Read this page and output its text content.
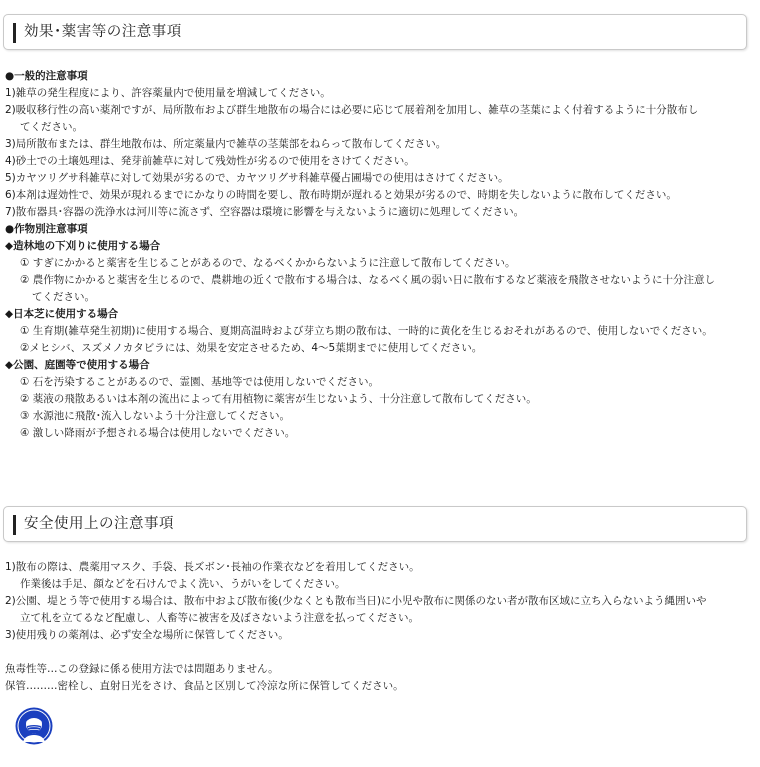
効果･薬害等の注意事項
●一般的注意事項
1)雑草の発生程度により、許容薬量内で使用量を増減してください。
2)吸収移行性の高い薬剤ですが、局所散布および群生地散布の場合には必要に応じて展着剤を加用し、雑草の茎葉によく付着するように十分散布し
てください。
3)局所散布または、群生地散布は、所定薬量内で雑草の茎葉部をねらって散布してください。
4)砂土での土壌処理は、発芽前雑草に対して残効性が劣るので使用をさけてください。
5)カヤツリグサ科雑草に対して効果が劣るので、カヤツリグサ科雑草優占圃場での使用はさけてください。
6)本剤は遅効性で、効果が現れるまでにかなりの時間を要し、散布時期が遅れると効果が劣るので、時期を失しないように散布してください。
7)散布器具･容器の洗浄水は河川等に流さず、空容器は環境に影響を与えないように適切に処理してください。
●作物別注意事項
◆造林地の下刈りに使用する場合
① すぎにかかると薬害を生じることがあるので、なるべくかからないように注意して散布してください。
② 農作物にかかると薬害を生じるので、農耕地の近くで散布する場合は、なるべく風の弱い日に散布するなど薬液を飛散させないように十分注意し
てください。
◆日本芝に使用する場合
① 生育期(雑草発生初期)に使用する場合、夏期高温時および芽立ち期の散布は、一時的に黄化を生じるおそれがあるので、使用しないでください。
②メヒシバ、スズメノカタビラには、効果を安定させるため、4～5葉期までに使用してください。
◆公園、庭園等で使用する場合
① 石を汚染することがあるので、霊園、基地等では使用しないでください。
② 薬液の飛散あるいは本剤の流出によって有用植物に薬害が生じないよう、十分注意して散布してください。
③ 水源池に飛散･流入しないよう十分注意してください。
④ 激しい降雨が予想される場合は使用しないでください。
安全使用上の注意事項
1)散布の際は、農薬用マスク、手袋、長ズボン･長袖の作業衣などを着用してください。
作業後は手足、顔などを石けんでよく洗い、うがいをしてください。
2)公園、堤とう等で使用する場合は、散布中および散布後(少なくとも散布当日)に小児や散布に関係のない者が散布区域に立ち入らないよう縄囲いや
立て札を立てるなど配慮し、人畜等に被害を及ぼさないよう注意を払ってください。
3)使用残りの薬剤は、必ず安全な場所に保管してください。
魚毒性等…この登録に係る使用方法では問題ありません。
保管………密栓し、直射日光をさけ、食品と区別して冷涼な所に保管してください。
